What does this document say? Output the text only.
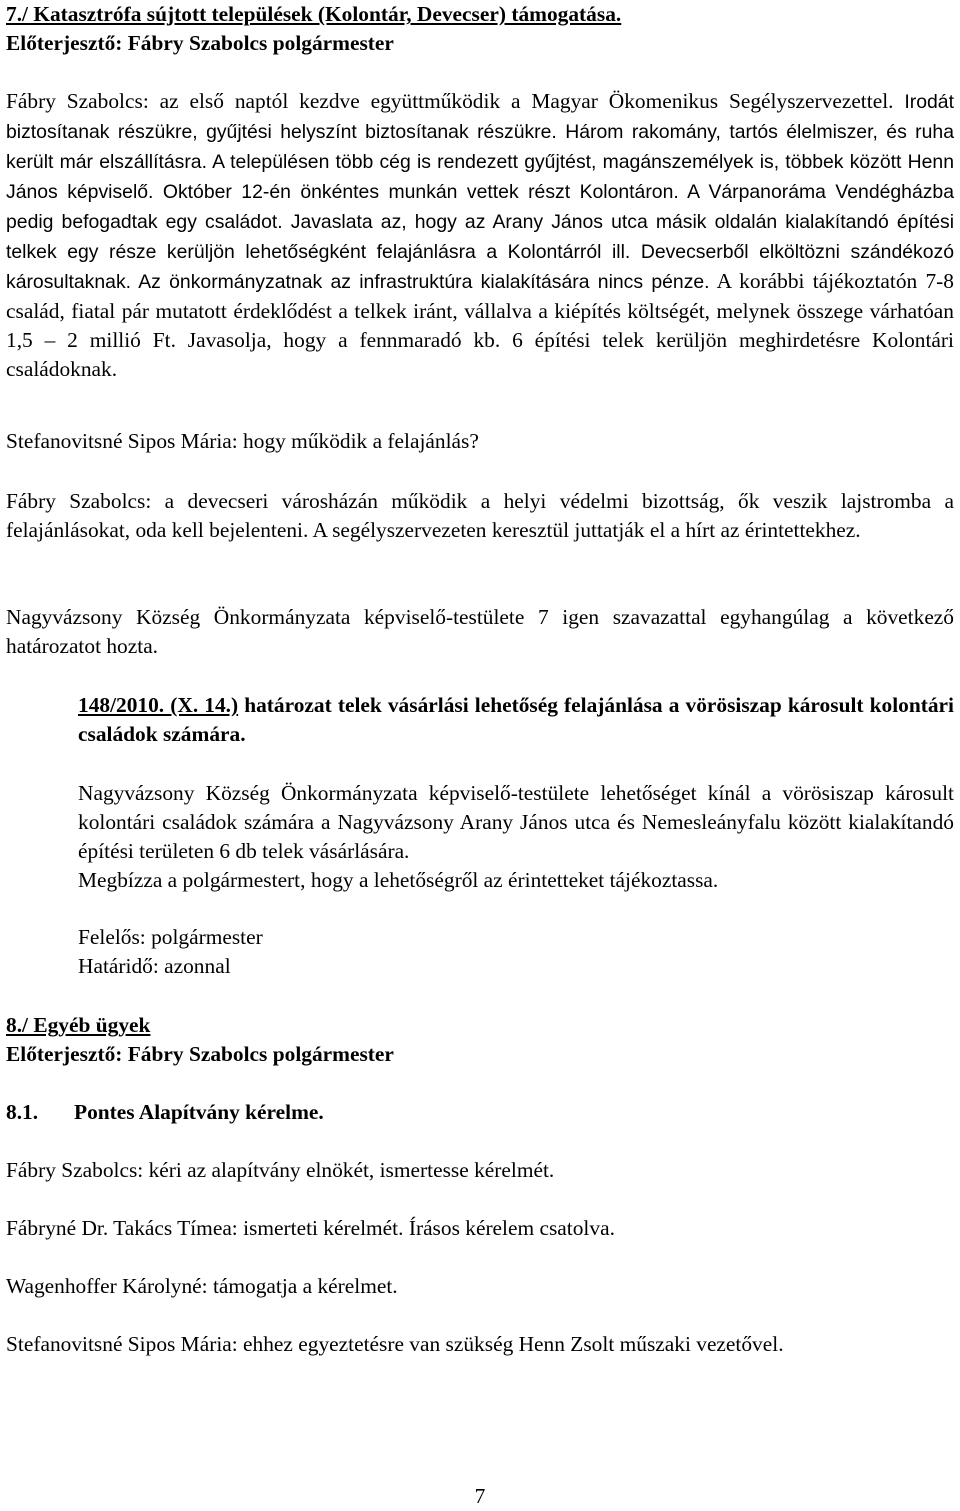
7./ Katasztrófa sújtott települések (Kolontár, Devecser) támogatása.

Előterjesztő: Fábry Szabolcs polgármester

Fábry Szabolcs: az első naptól kezdve együttműködik a Magyar Ökomenikus Segélyszervezettel. Irodát biztosítanak részükre, gyűjtési helyszínt biztosítanak részükre. Három rakomány, tartós élelmiszer, és ruha került már elszállításra. A településen több cég is rendezett gyűjtést, magánszemélyek is, többek között Henn János képviselő. Október 12-én önkéntes munkán vettek részt Kolontáron. A Várpanoráma Vendégházba pedig befogadtak egy családot. Javaslata az, hogy az Arany János utca másik oldalán kialakítandó építési telkek egy része kerüljön lehetőségként felajánlásra a Kolontárról ill. Devecserből elköltözni szándékozó károsultaknak. Az önkormányzatnak az infrastruktúra kialakítására nincs pénze. A korábbi tájékoztatón 7-8 család, fiatal pár mutatott érdeklődést a telkek iránt, vállalva a kiépítés költségét, melynek összege várhatóan 1,5 – 2 millió Ft. Javasolja, hogy a fennmaradó kb. 6 építési telek kerüljön meghirdetésre Kolontári családoknak.

Stefanovitsné Sipos Mária: hogy működik a felajánlás?

Fábry Szabolcs: a devecseri városházán működik a helyi védelmi bizottság, ők veszik lajstromba a felajánlásokat, oda kell bejelenteni. A segélyszervezeten keresztül juttatják el a hírt az érintettekhez.

Nagyvázsony Község Önkormányzata képviselő-testülete 7 igen szavazattal egyhangúlag a következő határozatot hozta.

148/2010. (X. 14.) határozat telek vásárlási lehetőség felajánlása a vörösiszap károsult kolontári családok számára.

Nagyvázsony Község Önkormányzata képviselő-testülete lehetőséget kínál a vörösiszap károsult kolontári családok számára a Nagyvázsony Arany János utca és Nemesleányfalu között kialakítandó építési területen 6 db telek vásárlására.

Megbízza a polgármestert, hogy a lehetőségről az érintetteket tájékoztassa.

Felelős: polgármester

Határidő: azonnal

8./ Egyéb ügyek

Előterjesztő: Fábry Szabolcs polgármester

8.1. Pontes Alapítvány kérelme.

Fábry Szabolcs: kéri az alapítvány elnökét, ismertesse kérelmét.

Fábryné Dr. Takács Tímea: ismerteti kérelmét. Írásos kérelem csatolva.

Wagenhoffer Károlyné: támogatja a kérelmet.

Stefanovitsné Sipos Mária: ehhez egyeztetésre van szükség Henn Zsolt műszaki vezetővel.

7
